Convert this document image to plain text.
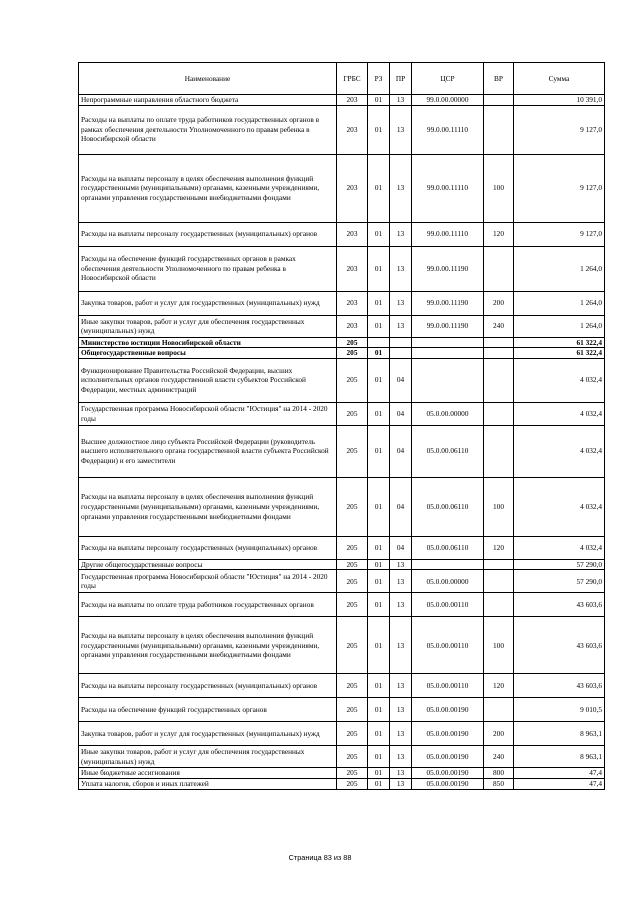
Наименование	ГРБС	РЗ	ПР	ЦСР	ВР	Сумма
Непрограммные направления областного бюджета	203	01	13	99.0.00.00000		10 391,0
Расходы на выплаты по оплате труда работников государственных органов в рамках обеспечения деятельности Уполномоченного по правам ребенка в Новосибирской области	203	01	13	99.0.00.11110		9 127,0
Расходы на выплаты персоналу в целях обеспечения выполнения функций государственными (муниципальными) органами, казенными учреждениями, органами управления государственными внебюджетными фондами	203	01	13	99.0.00.11110	100	9 127,0
Расходы на выплаты персоналу государственных (муниципальных) органов	203	01	13	99.0.00.11110	120	9 127,0
Расходы на обеспечение функций государственных органов в рамках обеспечения деятельности Уполномоченного по правам ребенка в Новосибирской области	203	01	13	99.0.00.11190		1 264,0
Закупка товаров, работ и услуг для государственных (муниципальных) нужд	203	01	13	99.0.00.11190	200	1 264,0
Иные закупки товаров, работ и услуг для обеспечения государственных (муниципальных) нужд	203	01	13	99.0.00.11190	240	1 264,0
Министерство юстиции Новосибирской области	205					61 322,4
Общегосударственные вопросы	205	01				61 322,4
Функционирование Правительства Российской Федерации, высших исполнительных органов государственной власти субъектов Российской Федерации, местных администраций	205	01	04			4 032,4
Государственная программа Новосибирской области "Юстиция" на 2014 - 2020 годы	205	01	04	05.0.00.00000		4 032,4
Высшее должностное лицо субъекта Российской Федерации (руководитель высшего исполнительного органа государственной власти субъекта Российской Федерации) и его заместители	205	01	04	05.0.00.06110		4 032,4
Расходы на выплаты персоналу в целях обеспечения выполнения функций государственными (муниципальными) органами, казенными учреждениями, органами управления государственными внебюджетными фондами	205	01	04	05.0.00.06110	100	4 032,4
Расходы на выплаты персоналу государственных (муниципальных) органов	205	01	04	05.0.00.06110	120	4 032,4
Другие общегосударственные вопросы	205	01	13			57 290,0
Государственная программа Новосибирской области "Юстиция" на 2014 - 2020 годы	205	01	13	05.0.00.00000		57 290,0
Расходы на выплаты по оплате труда работников государственных органов	205	01	13	05.0.00.00110		43 603,6
Расходы на выплаты персоналу в целях обеспечения выполнения функций государственными (муниципальными) органами, казенными учреждениями, органами управления государственными внебюджетными фондами	205	01	13	05.0.00.00110	100	43 603,6
Расходы на выплаты персоналу государственных (муниципальных) органов	205	01	13	05.0.00.00110	120	43 603,6
Расходы на обеспечение функций государственных органов	205	01	13	05.0.00.00190		9 010,5
Закупка товаров, работ и услуг для государственных (муниципальных) нужд	205	01	13	05.0.00.00190	200	8 963,1
Иные закупки товаров, работ и услуг для обеспечения государственных (муниципальных) нужд	205	01	13	05.0.00.00190	240	8 963,1
Иные бюджетные ассигнования	205	01	13	05.0.00.00190	800	47,4
Уплата налогов, сборов и иных платежей	205	01	13	05.0.00.00190	850	47,4
Страница 83 из 88
